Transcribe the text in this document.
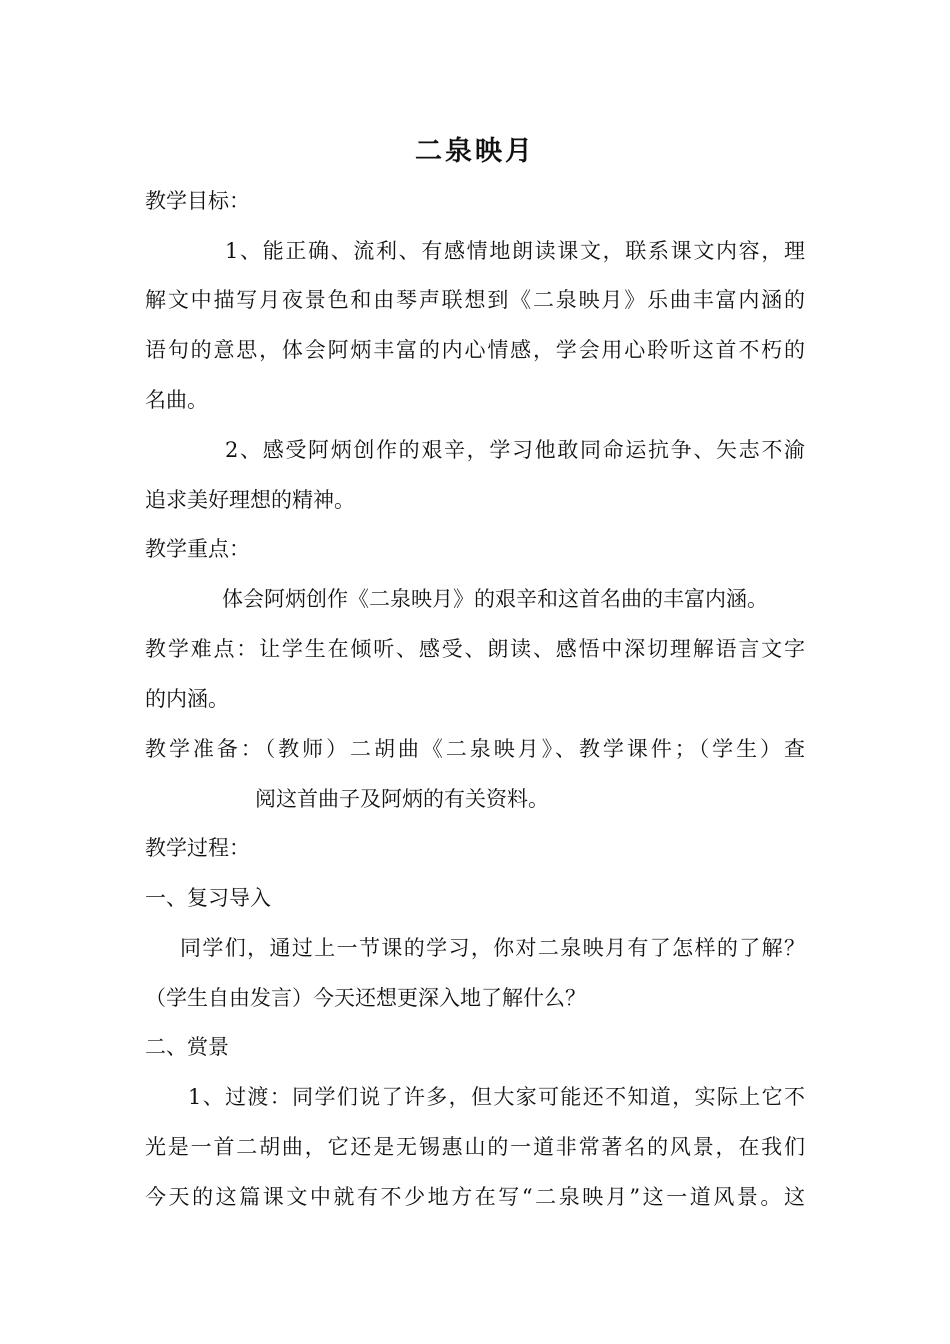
二泉映月
教学目标：
1、能正确、流利、有感情地朗读课文，联系课文内容，理
解文中描写月夜景色和由琴声联想到《二泉映月》乐曲丰富内涵的
语句的意思，体会阿炳丰富的内心情感，学会用心聆听这首不朽的
名曲。
2、感受阿炳创作的艰辛，学习他敢同命运抗争、矢志不渝
追求美好理想的精神。
教学重点：
体会阿炳创作《二泉映月》的艰辛和这首名曲的丰富内涵。
教学难点：让学生在倾听、感受、朗读、感悟中深切理解语言文字
的内涵。
教学准备：（教师）二胡曲《二泉映月》、教学课件；（学生）查
阅这首曲子及阿炳的有关资料。
教学过程：
一、复习导入
同学们，通过上一节课的学习，你对二泉映月有了怎样的了解？
（学生自由发言）今天还想更深入地了解什么？
二、赏景
1、过渡：同学们说了许多，但大家可能还不知道，实际上它不
光是一首二胡曲，它还是无锡惠山的一道非常著名的风景，在我们
今天的这篇课文中就有不少地方在写“二泉映月”这一道风景。这
